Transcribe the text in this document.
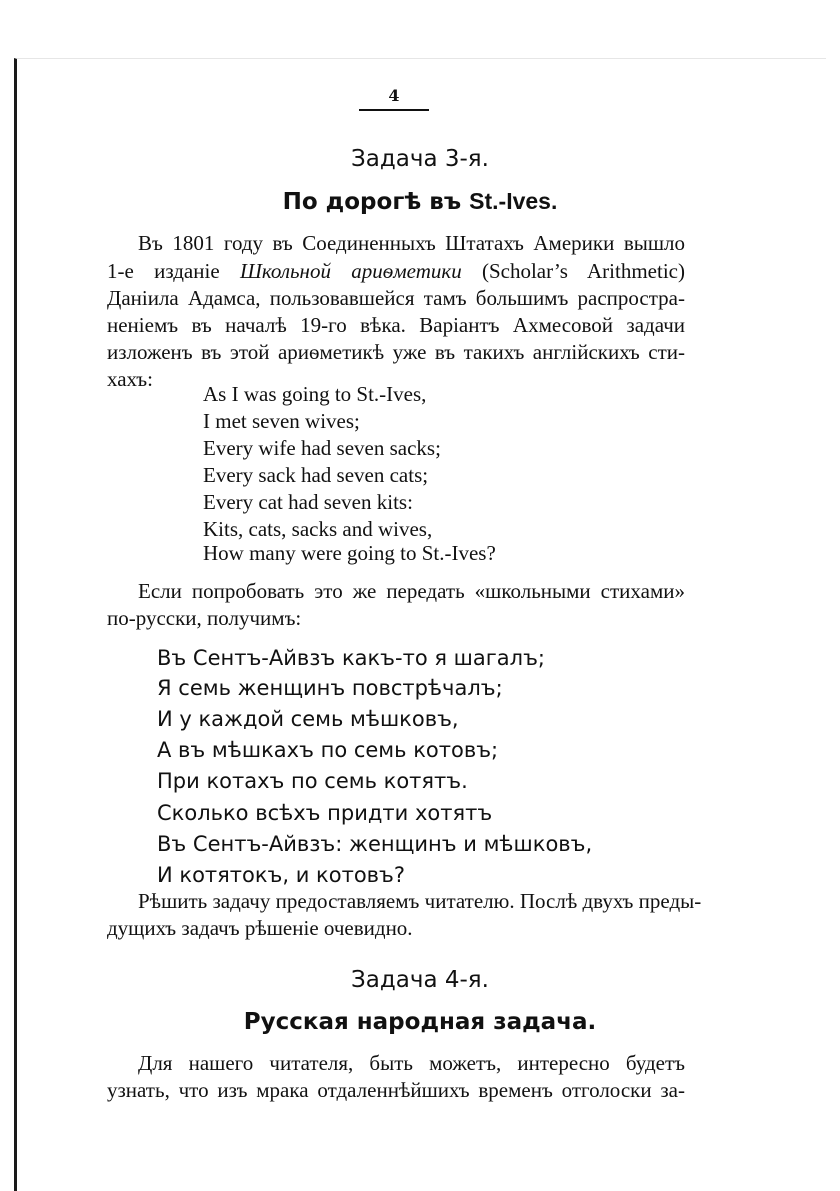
4

Задача 3-я.

По дорогѣ въ St.-Ives.

Въ 1801 году въ Соединенныхъ Штатахъ Америки вышло

1-е изданіе Школьной ариѳметики (Scholar’s Arithmetic)

Даніила Адамса, пользовавшейся тамъ большимъ распростра-

неніемъ въ началѣ 19-го вѣка. Варіантъ Ахмесовой задачи

изложенъ въ этой ариѳметикѣ уже въ такихъ англійскихъ сти-

хахъ:

As I was going to St.-Ives,

I met seven wives;

Every wife had seven sacks;

Every sack had seven cats;

Every cat had seven kits:

Kits, cats, sacks and wives,

How many were going to St.-Ives?

Если попробовать это же передать «школьными стихами»

по-русски, получимъ:

Въ Сентъ-Айвзъ какъ-то я шагалъ;

Я семь женщинъ повстрѣчалъ;

И у каждой семь мѣшковъ,

А въ мѣшкахъ по семь котовъ;

При котахъ по семь котятъ.

Сколько всѣхъ придти хотятъ

Въ Сентъ-Айвзъ: женщинъ и мѣшковъ,

И котятокъ, и котовъ?

Рѣшить задачу предоставляемъ читателю. Послѣ двухъ преды-

дущихъ задачъ рѣшеніе очевидно.

Задача 4-я.

Русская народная задача.

Для нашего читателя, быть можетъ, интересно будетъ

узнать, что изъ мрака отдаленнѣйшихъ временъ отголоски за-
